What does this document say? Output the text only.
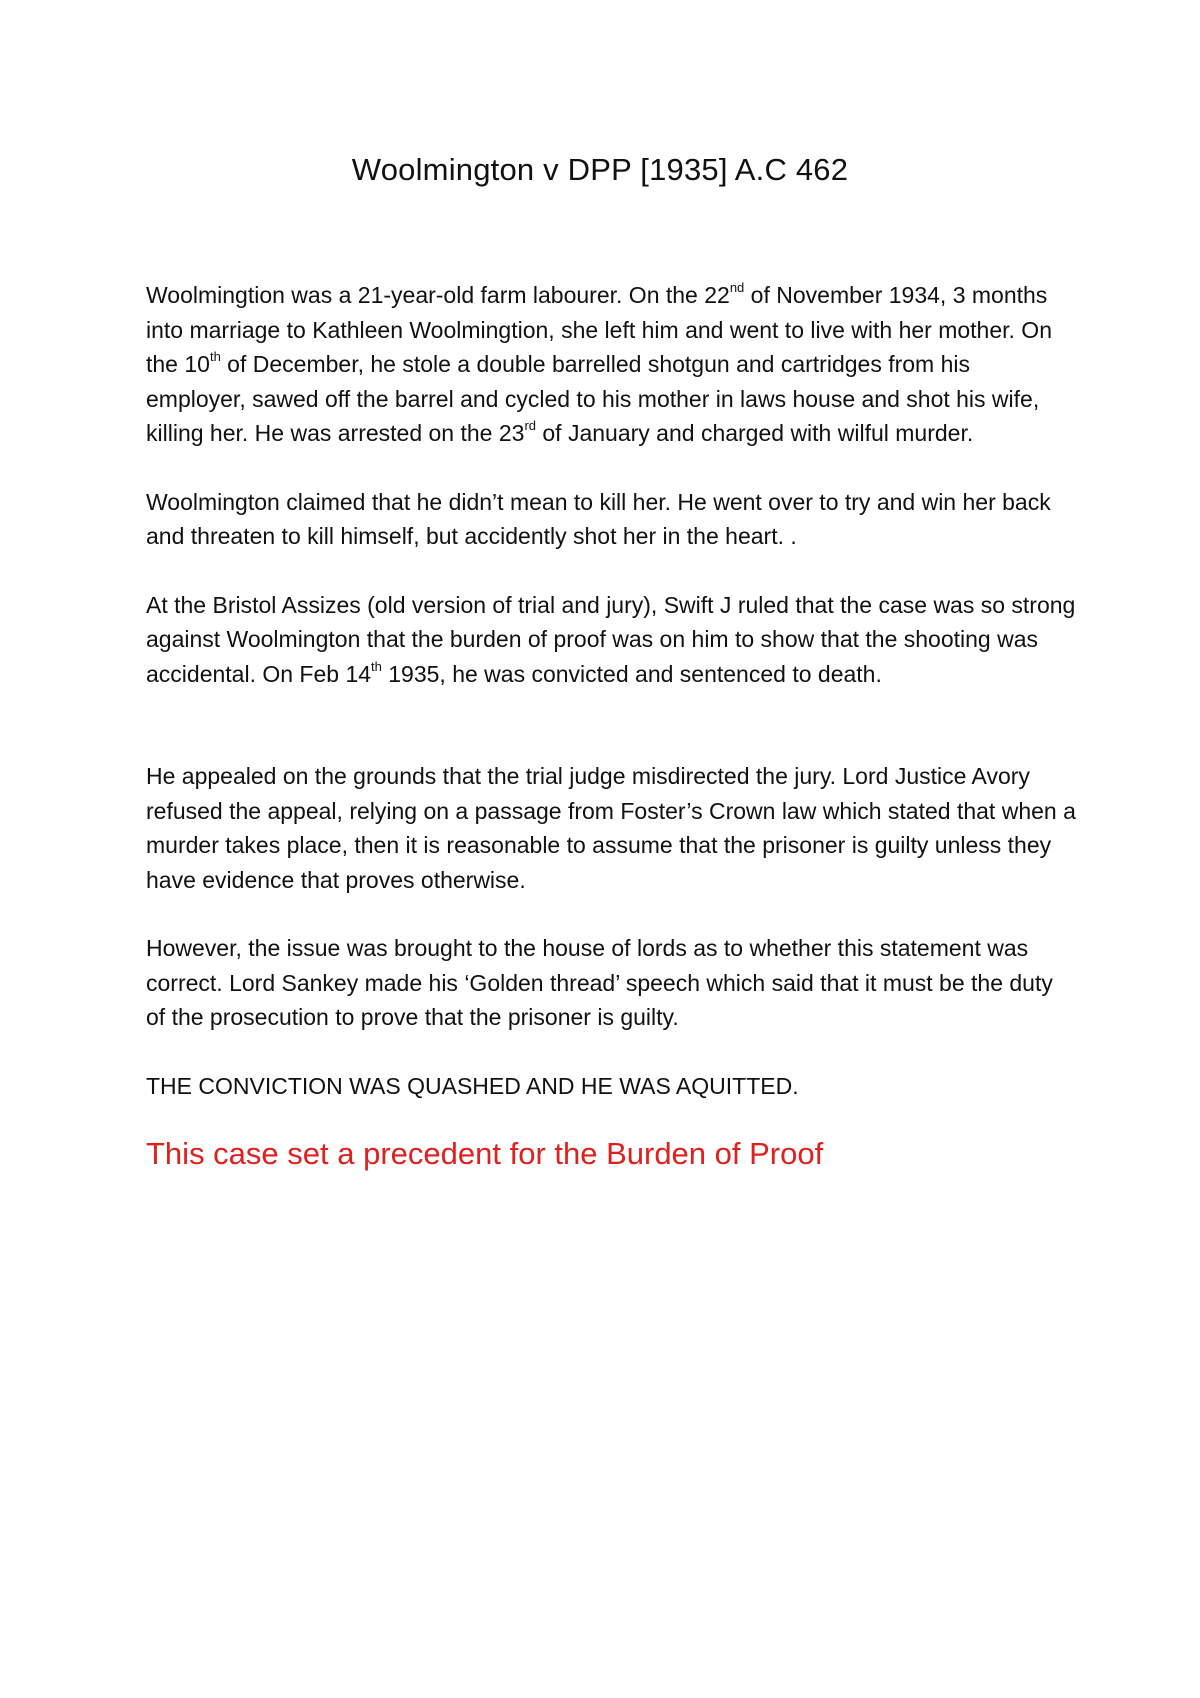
Woolmington v DPP [1935] A.C 462

Woolmingtion was a 21-year-old farm labourer. On the 22nd of November 1934, 3 months into marriage to Kathleen Woolmingtion, she left him and went to live with her mother. On the 10th of December, he stole a double barrelled shotgun and cartridges from his employer, sawed off the barrel and cycled to his mother in laws house and shot his wife, killing her. He was arrested on the 23rd of January and charged with wilful murder.

Woolmington claimed that he didn’t mean to kill her. He went over to try and win her back and threaten to kill himself, but accidently shot her in the heart. .

At the Bristol Assizes (old version of trial and jury), Swift J ruled that the case was so strong against Woolmington that the burden of proof was on him to show that the shooting was accidental. On Feb 14th 1935, he was convicted and sentenced to death.

He appealed on the grounds that the trial judge misdirected the jury. Lord Justice Avory refused the appeal, relying on a passage from Foster’s Crown law which stated that when a murder takes place, then it is reasonable to assume that the prisoner is guilty unless they have evidence that proves otherwise.

However, the issue was brought to the house of lords as to whether this statement was correct. Lord Sankey made his ‘Golden thread’ speech which said that it must be the duty of the prosecution to prove that the prisoner is guilty.

THE CONVICTION WAS QUASHED AND HE WAS AQUITTED.

This case set a precedent for the Burden of Proof
